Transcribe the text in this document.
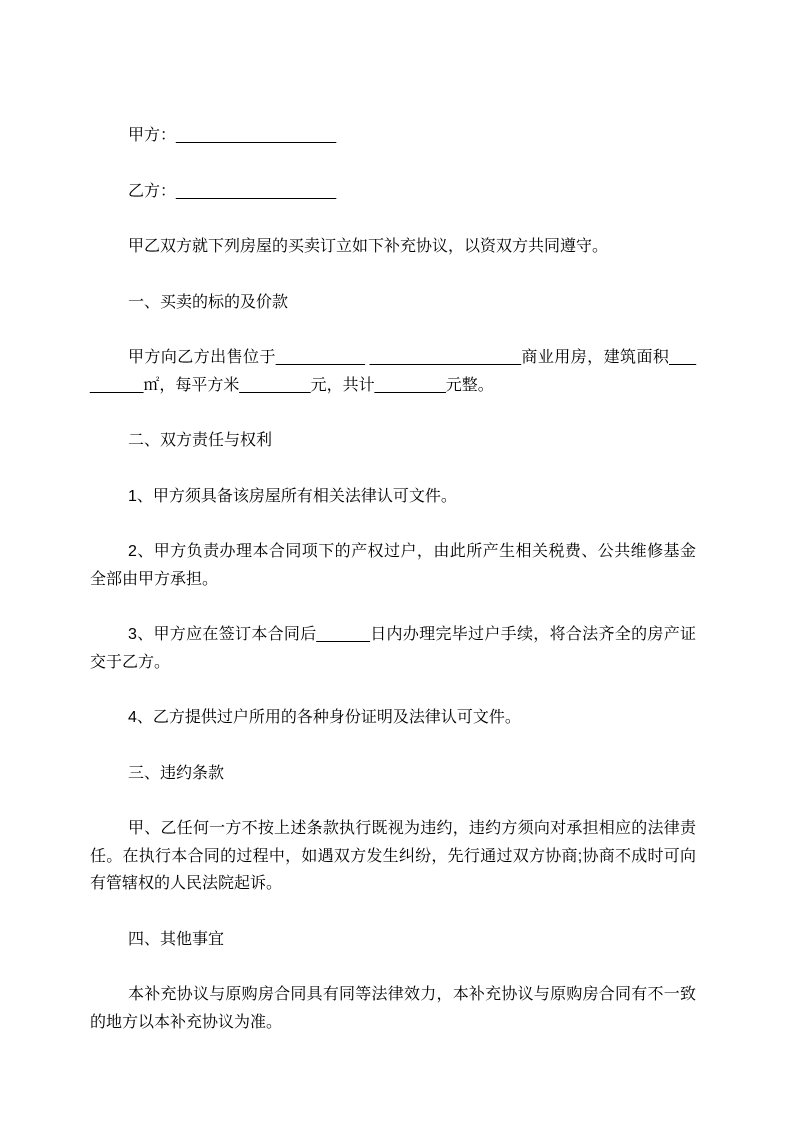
甲方：__________________

乙方：__________________

甲乙双方就下列房屋的买卖订立如下补充协议，以资双方共同遵守。

一、买卖的标的及价款

甲方向乙方出售位于__________ _________________商业用房，建筑面积_________㎡，每平方米________元，共计________元整。

二、双方责任与权利

1、甲方须具备该房屋所有相关法律认可文件。

2、甲方负责办理本合同项下的产权过户，由此所产生相关税费、公共维修基金全部由甲方承担。

3、甲方应在签订本合同后______日内办理完毕过户手续，将合法齐全的房产证交于乙方。

4、乙方提供过户所用的各种身份证明及法律认可文件。

三、违约条款

甲、乙任何一方不按上述条款执行既视为违约，违约方须向对承担相应的法律责任。在执行本合同的过程中，如遇双方发生纠纷，先行通过双方协商;协商不成时可向有管辖权的人民法院起诉。

四、其他事宜

本补充协议与原购房合同具有同等法律效力，本补充协议与原购房合同有不一致的地方以本补充协议为准。
